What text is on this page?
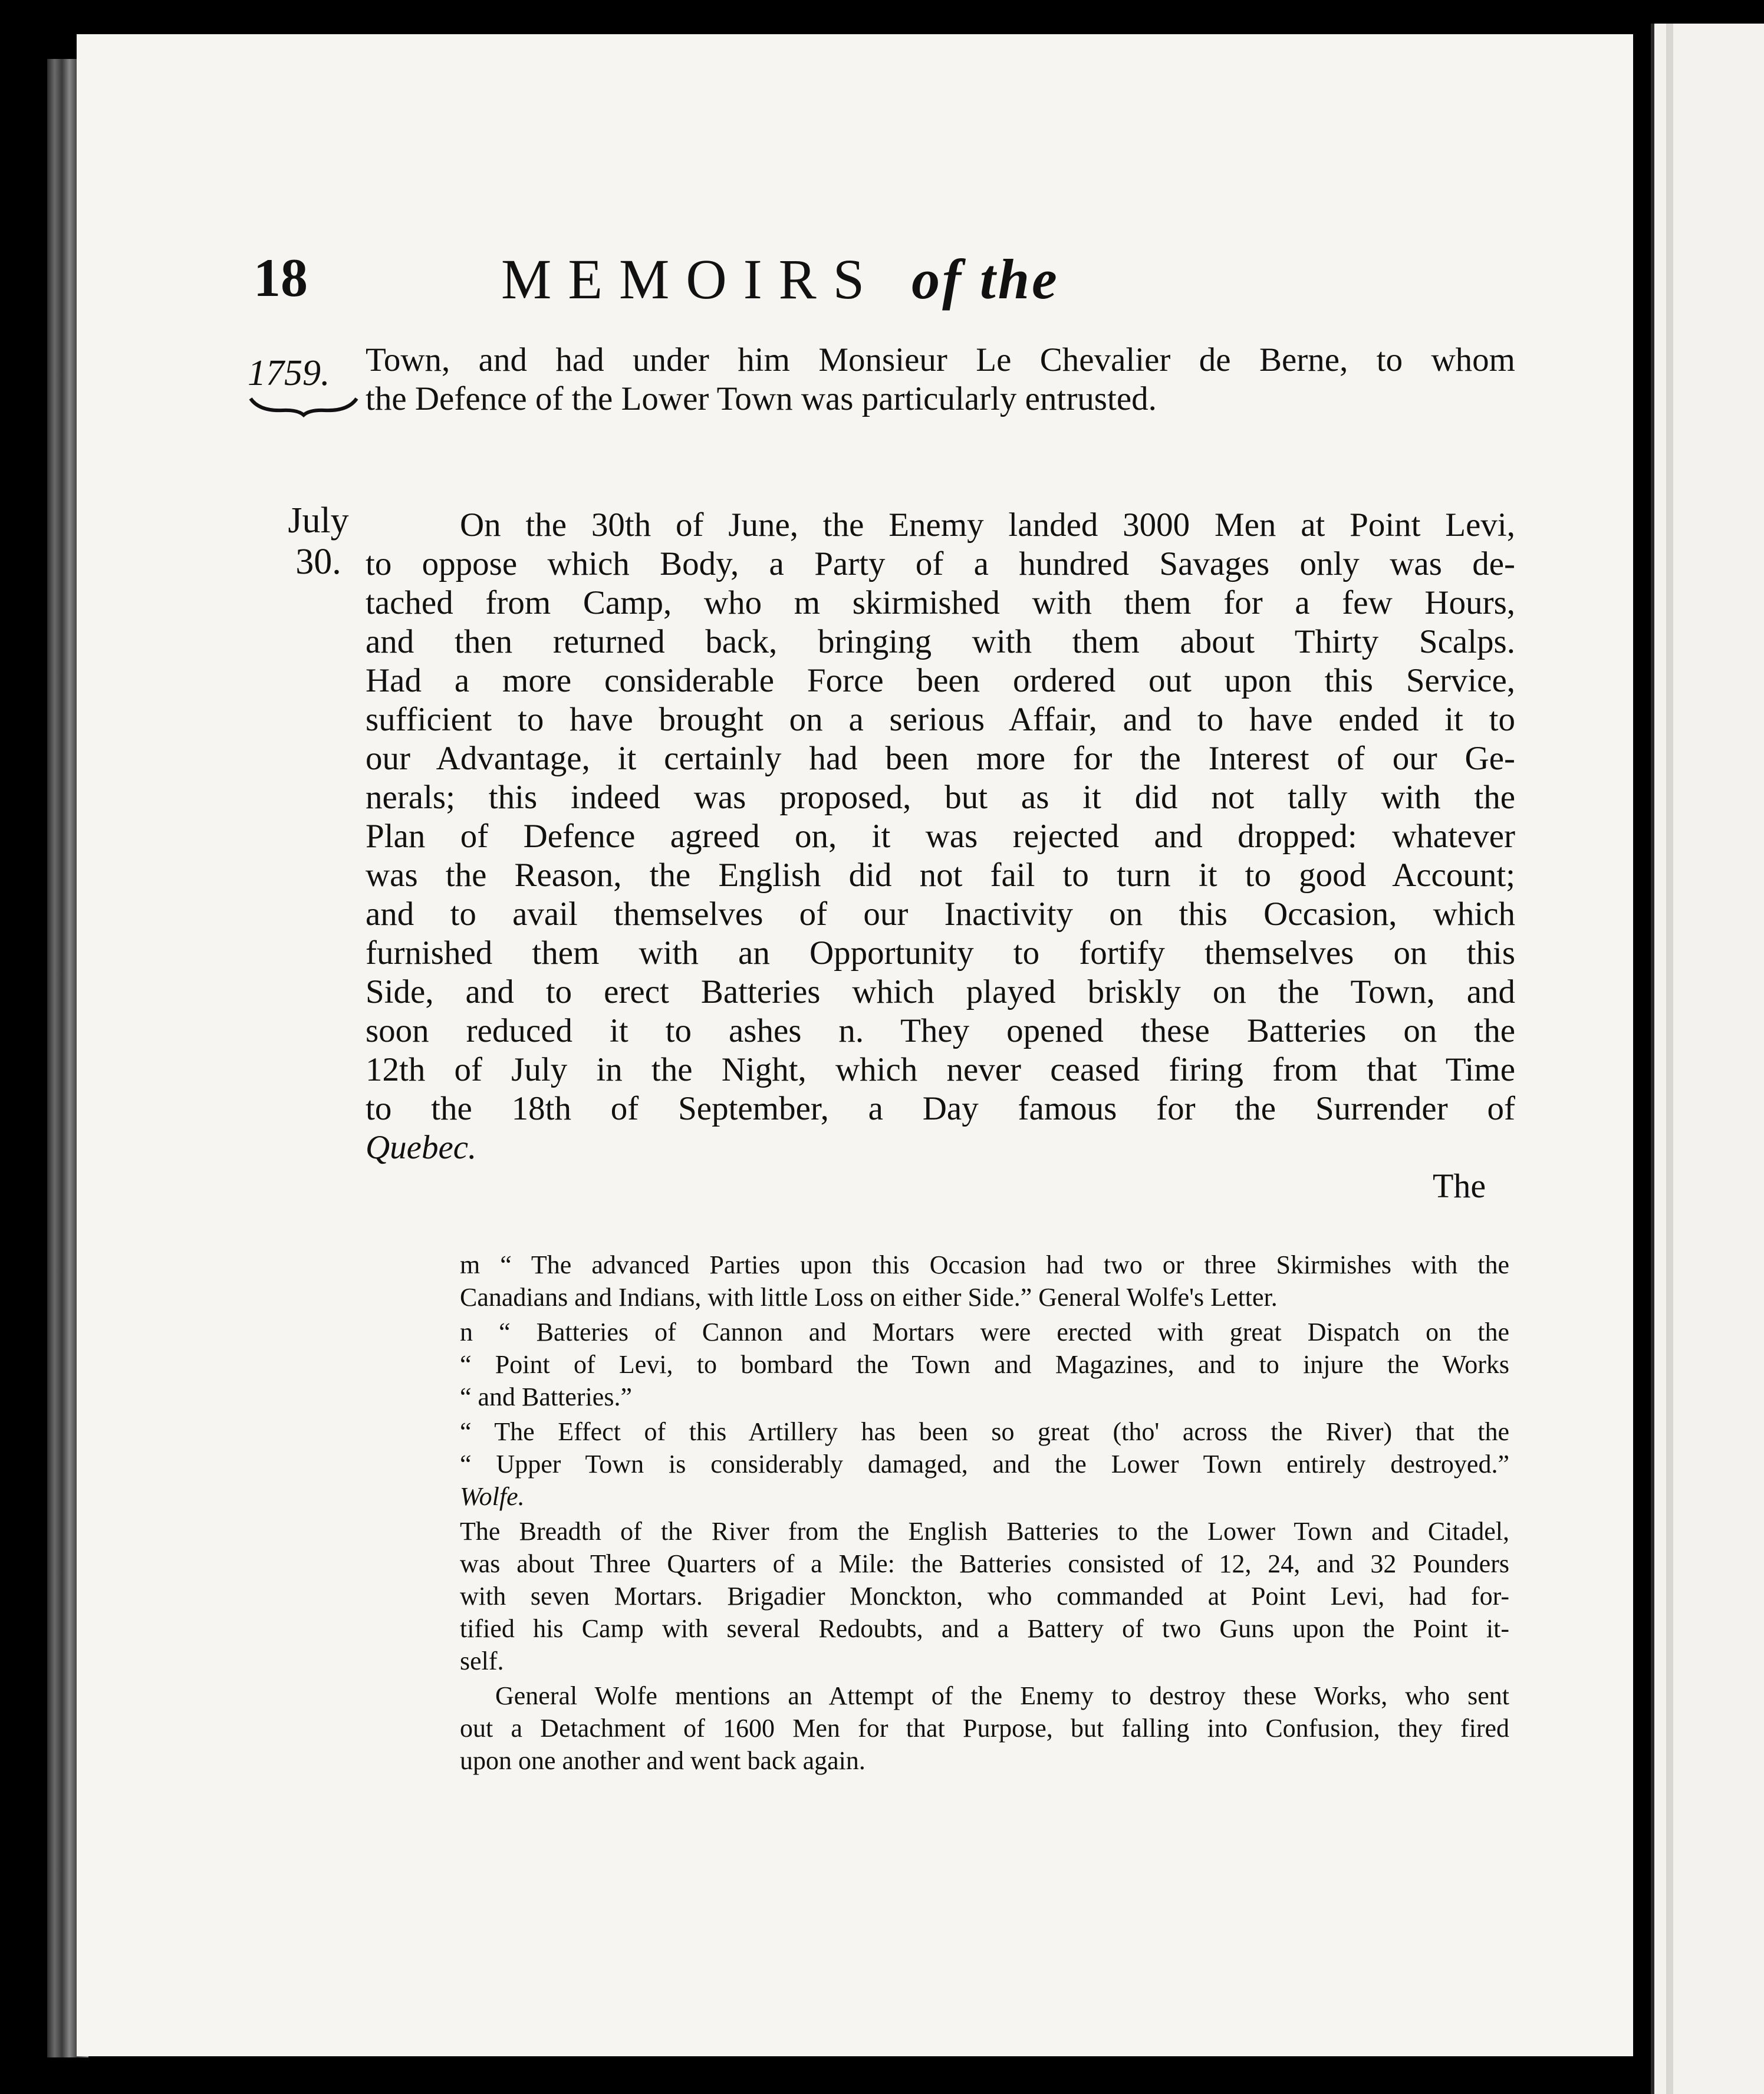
18	MEMOIRS of the
1759.
July
30.
Town, and had under him Monsieur Le Chevalier de Berne, to whom
the Defence of the Lower Town was particularly entrusted.
On the 30th of June, the Enemy landed 3000 Men at Point Levi,
to oppose which Body, a Party of a hundred Savages only was de-
tached from Camp, who m skirmished with them for a few Hours,
and then returned back, bringing with them about Thirty Scalps.
Had a more considerable Force been ordered out upon this Service,
sufficient to have brought on a serious Affair, and to have ended it to
our Advantage, it certainly had been more for the Interest of our Ge-
nerals; this indeed was proposed, but as it did not tally with the
Plan of Defence agreed on, it was rejected and dropped: whatever
was the Reason, the English did not fail to turn it to good Account;
and to avail themselves of our Inactivity on this Occasion, which
furnished them with an Opportunity to fortify themselves on this
Side, and to erect Batteries which played briskly on the Town, and
soon reduced it to ashes n. They opened these Batteries on the
12th of July in the Night, which never ceased firing from that Time
to the 18th of September, a Day famous for the Surrender of
Quebec.
The

m “ The advanced Parties upon this Occasion had two or three Skirmishes with the
Canadians and Indians, with little Loss on either Side.” General Wolfe's Letter.

n “ Batteries of Cannon and Mortars were erected with great Dispatch on the
“ Point of Levi, to bombard the Town and Magazines, and to injure the Works
“ and Batteries.”

“ The Effect of this Artillery has been so great (tho' across the River) that the
“ Upper Town is considerably damaged, and the Lower Town entirely destroyed.”
Wolfe.

The Breadth of the River from the English Batteries to the Lower Town and Citadel,
was about Three Quarters of a Mile: the Batteries consisted of 12, 24, and 32 Pounders
with seven Mortars. Brigadier Monckton, who commanded at Point Levi, had for-
tified his Camp with several Redoubts, and a Battery of two Guns upon the Point it-
self.

General Wolfe mentions an Attempt of the Enemy to destroy these Works, who sent
out a Detachment of 1600 Men for that Purpose, but falling into Confusion, they fired
upon one another and went back again.
